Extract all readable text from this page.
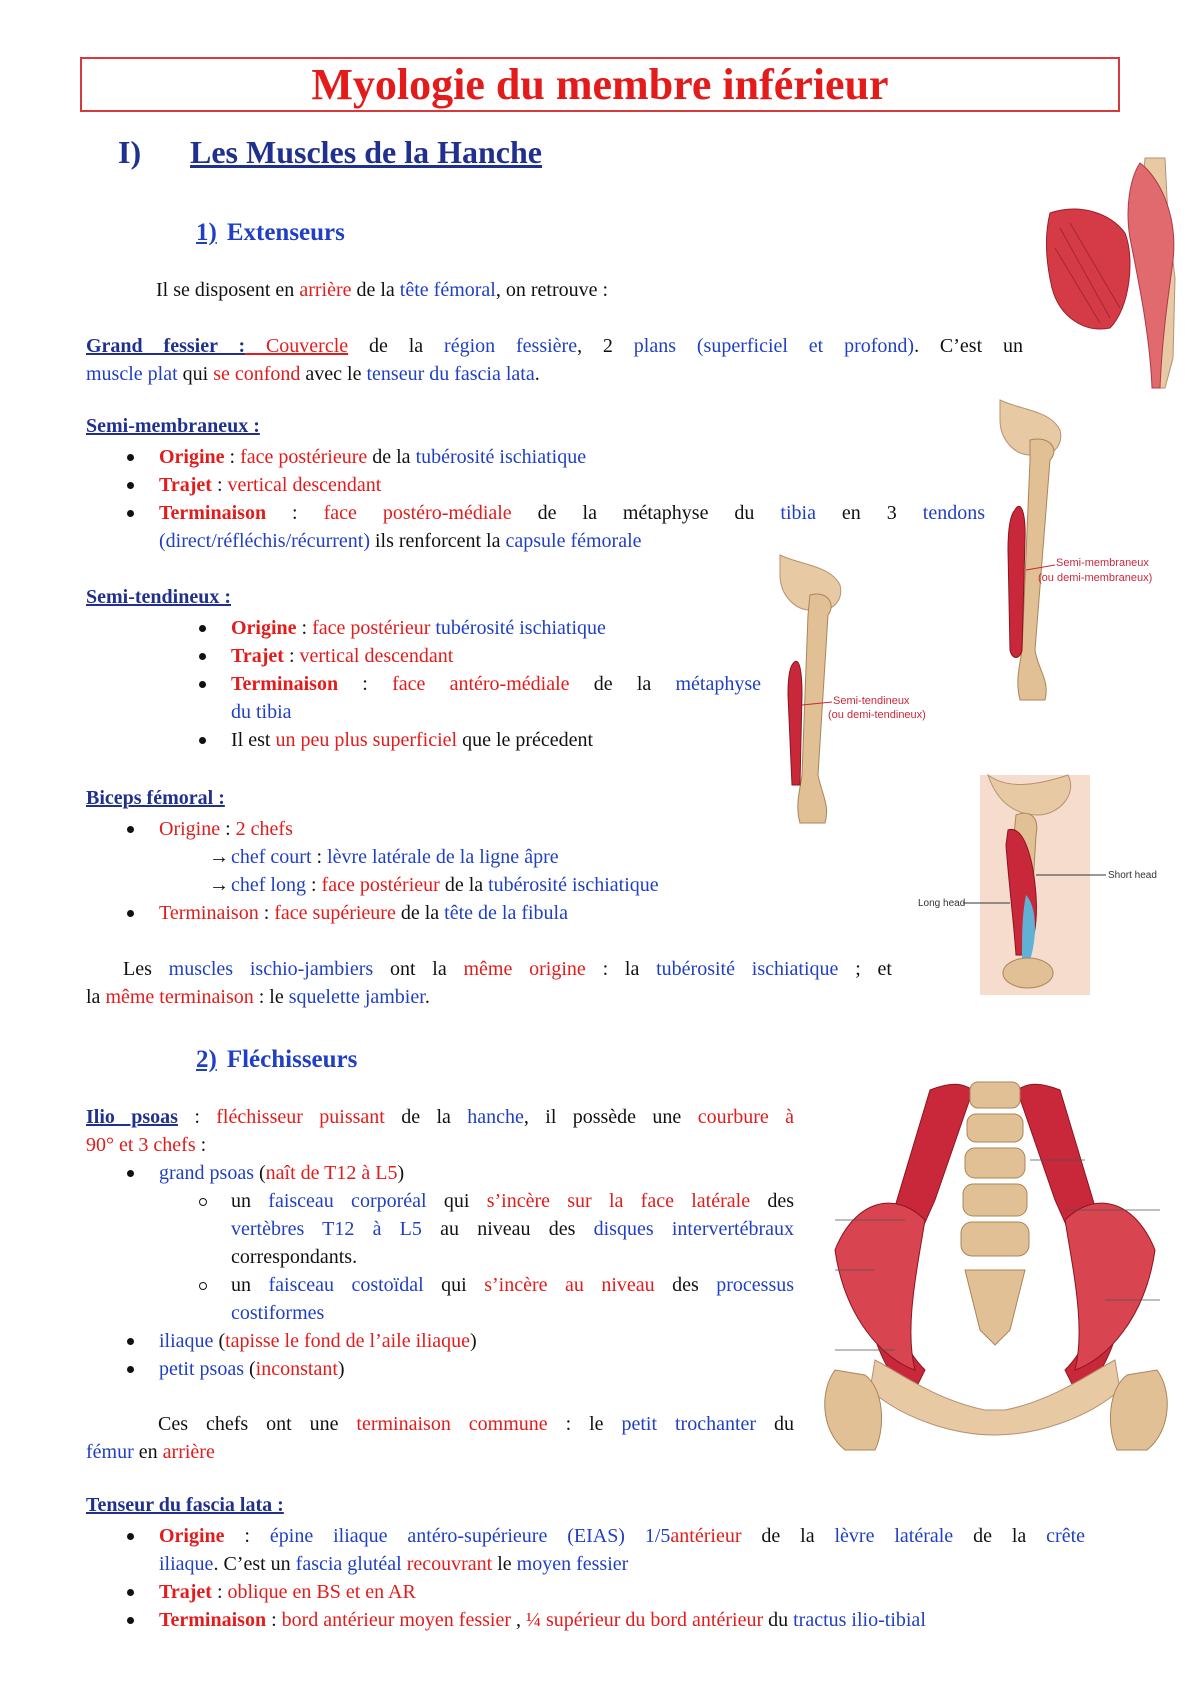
Myologie du membre inférieur
I) Les Muscles de la Hanche
1) Extenseurs
Il se disposent en arrière de la tête fémoral, on retrouve :
Grand fessier : Couvercle de la région fessière, 2 plans (superficiel et profond). C’est un
muscle plat qui se confond avec le tenseur du fascia lata.
Semi-membraneux :
Origine : face postérieure de la tubérosité ischiatique
Trajet : vertical descendant
Terminaison : face postéro-médiale de la métaphyse du tibia en 3 tendons
(direct/réfléchis/récurrent) ils renforcent la capsule fémorale
Semi-tendineux :
Origine : face postérieur tubérosité ischiatique
Trajet : vertical descendant
Terminaison : face antéro-médiale de la métaphyse
du tibia
Il est un peu plus superficiel que le précedent
Biceps fémoral :
Origine : 2 chefs
→ chef court : lèvre latérale de la ligne âpre
→ chef long : face postérieur de la tubérosité ischiatique
Terminaison : face supérieure de la tête de la fibula
Les muscles ischio-jambiers ont la même origine : la tubérosité ischiatique ; et
la même terminaison : le squelette jambier.
2) Fléchisseurs
Ilio psoas : fléchisseur puissant de la hanche, il possède une courbure à
90° et 3 chefs :
grand psoas (naît de T12 à L5)
un faisceau corporéal qui s’incère sur la face latérale des
vertèbres T12 à L5 au niveau des disques intervertébraux
correspondants.
un faisceau costoïdal qui s’incère au niveau des processus
costiformes
iliaque (tapisse le fond de l’aile iliaque)
petit psoas (inconstant)
Ces chefs ont une terminaison commune : le petit trochanter du
fémur en arrière
Tenseur du fascia lata :
Origine : épine iliaque antéro-supérieure (EIAS) 1/5antérieur de la lèvre latérale de la crête
iliaque. C’est un fascia glutéal recouvrant le moyen fessier
Trajet : oblique en BS et en AR
Terminaison : bord antérieur moyen fessier , ¼ supérieur du bord antérieur du tractus ilio-tibial
Semi-membraneux
(ou demi-membraneux)
Semi-tendineux
(ou demi-tendineux)
Short head
Long head
